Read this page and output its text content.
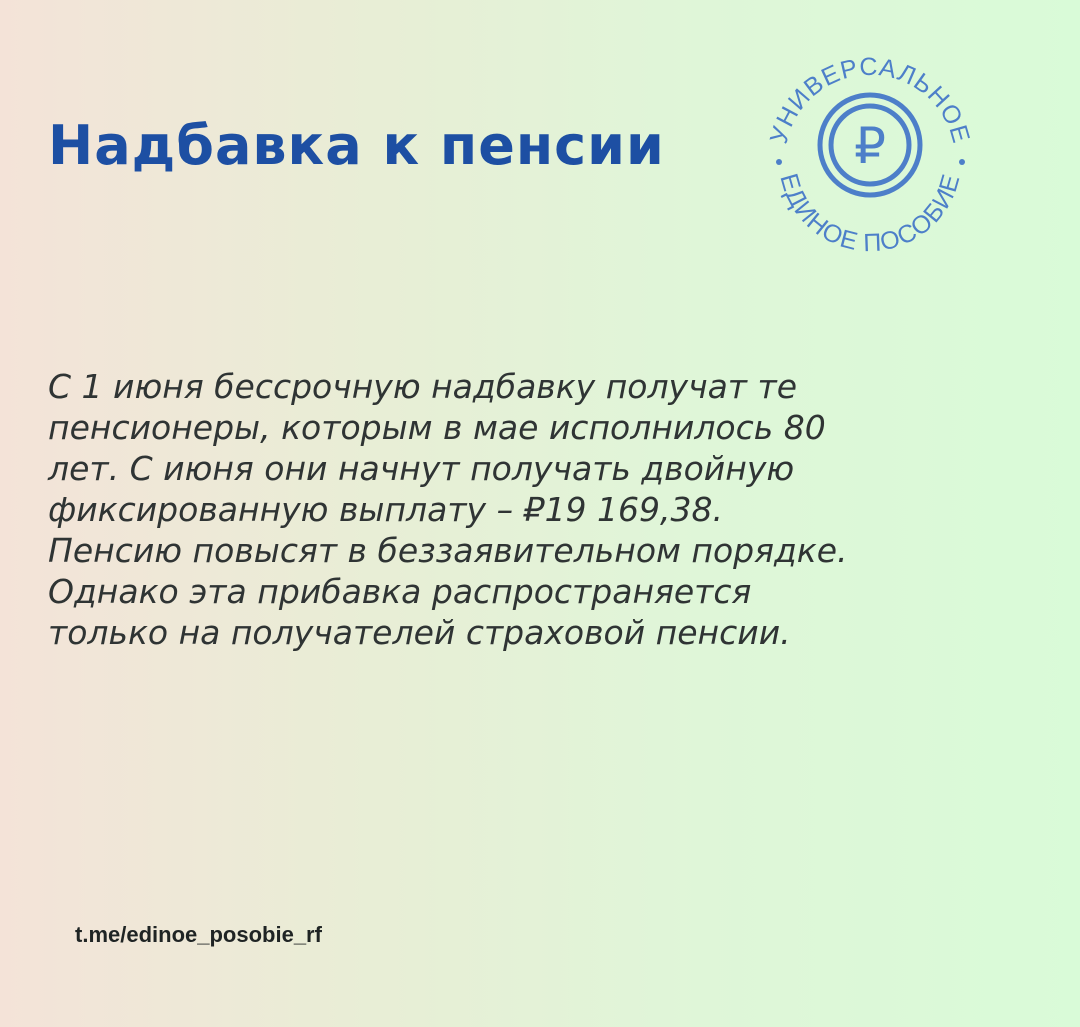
Надбавка к пенсии	УНИВЕРСАЛЬНОЕ
ЕДИНОЕ ПОСОБИЕ
₽

С 1 июня бессрочную надбавку получат те пенсионеры, которым в мае исполнилось 80 лет. С июня они начнут получать двойную фиксированную выплату – ₽19 169,38. Пенсию повысят в беззаявительном порядке. Однако эта прибавка распространяется только на получателей страховой пенсии.

t.me/edinoe_posobie_rf
